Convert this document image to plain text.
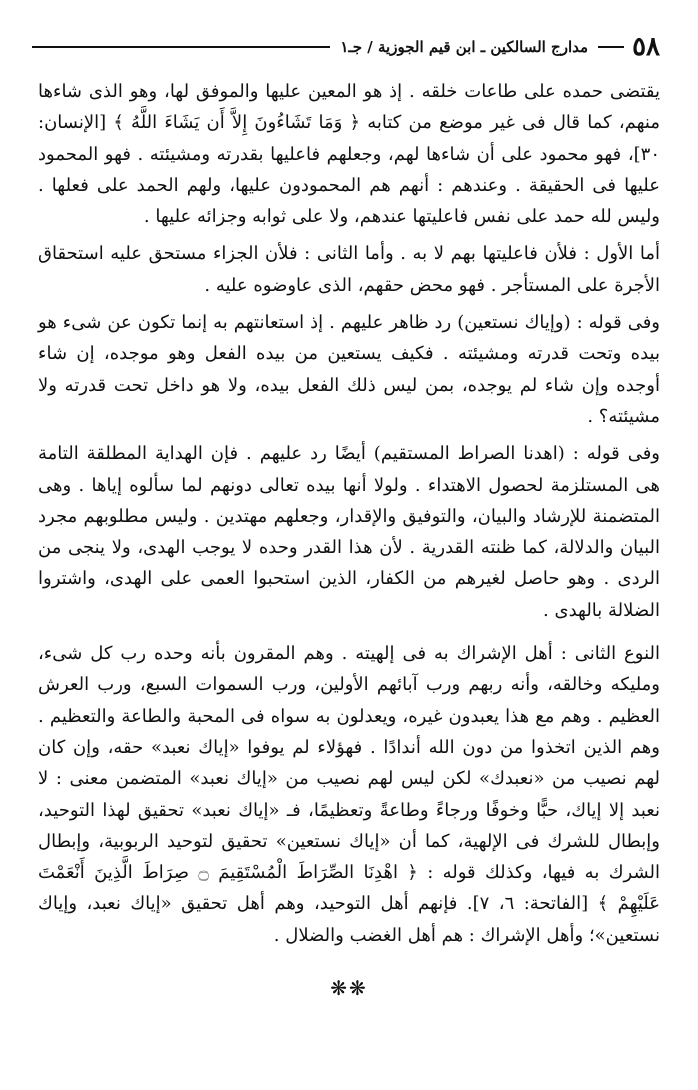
٥٨
مدارج السالكين ـ ابن قيم الجوزية / جـ١

يقتضى حمده على طاعات خلقه . إذ هو المعين عليها والموفق لها، وهو الذى شاءها منهم، كما قال فى غير موضع من كتابه ﴿ وَمَا تَشَاءُونَ إِلاَّ أَن يَشَاءَ اللَّهُ ﴾ [الإنسان: ٣٠]، فهو محمود على أن شاءها لهم، وجعلهم فاعليها بقدرته ومشيئته . فهو المحمود عليها فى الحقيقة . وعندهم : أنهم هم المحمودون عليها، ولهم الحمد على فعلها . وليس لله حمد على نفس فاعليتها عندهم، ولا على ثوابه وجزائه عليها .

أما الأول : فلأن فاعليتها بهم لا به . وأما الثانى : فلأن الجزاء مستحق عليه استحقاق الأجرة على المستأجر . فهو محض حقهم، الذى عاوضوه عليه .

وفى قوله : (وإياك نستعين) رد ظاهر عليهم . إذ استعانتهم به إنما تكون عن شىء هو بيده وتحت قدرته ومشيئته . فكيف يستعين من بيده الفعل وهو موجده، إن شاء أوجده وإن شاء لم يوجده، بمن ليس ذلك الفعل بيده، ولا هو داخل تحت قدرته ولا مشيئته؟ .

وفى قوله : (اهدنا الصراط المستقيم) أيضًا رد عليهم . فإن الهداية المطلقة التامة هى المستلزمة لحصول الاهتداء . ولولا أنها بيده تعالى دونهم لما سألوه إياها . وهى المتضمنة للإرشاد والبيان، والتوفيق والإقدار، وجعلهم مهتدين . وليس مطلوبهم مجرد البيان والدلالة، كما ظنته القدرية . لأن هذا القدر وحده لا يوجب الهدى، ولا ينجى من الردى . وهو حاصل لغيرهم من الكفار، الذين استحبوا العمى على الهدى، واشتروا الضلالة بالهدى .

النوع الثانى : أهل الإشراك به فى إلهيته . وهم المقرون بأنه وحده رب كل شىء، ومليكه وخالقه، وأنه ربهم ورب آبائهم الأولين، ورب السموات السبع، ورب العرش العظيم . وهم مع هذا يعبدون غيره، ويعدلون به سواه فى المحبة والطاعة والتعظيم . وهم الذين اتخذوا من دون الله أندادًا . فهؤلاء لم يوفوا «إياك نعبد» حقه، وإن كان لهم نصيب من «نعبدك» لكن ليس لهم نصيب من «إياك نعبد» المتضمن معنى : لا نعبد إلا إياك، حبًّا وخوفًا ورجاءً وطاعةً وتعظيمًا، فـ «إياك نعبد» تحقيق لهذا التوحيد، وإبطال للشرك فى الإلهية، كما أن «إياك نستعين» تحقيق لتوحيد الربوبية، وإبطال الشرك به فيها، وكذلك قوله : ﴿ اهْدِنَا الصِّرَاطَ الْمُسْتَقِيمَ ۝ صِرَاطَ الَّذِينَ أَنْعَمْتَ عَلَيْهِمْ ﴾ [الفاتحة: ٦، ٧]. فإنهم أهل التوحيد، وهم أهل تحقيق «إياك نعبد، وإياك نستعين»؛ وأهل الإشراك : هم أهل الغضب والضلال .

❋❋
